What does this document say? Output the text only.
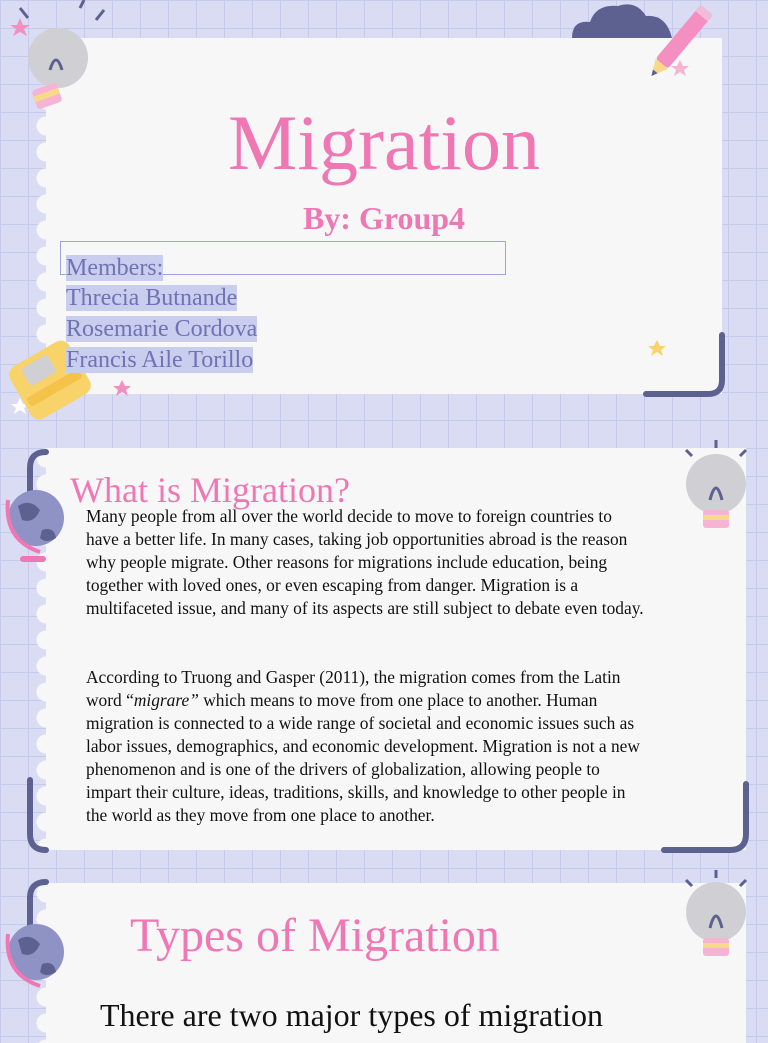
Migration
By: Group4
Members:
Threcia Butnande
Rosemarie Cordova
Francis Aile Torillo
What is Migration?

Many people from all over the world decide to move to foreign countries to have a better life. In many cases, taking job opportunities abroad is the reason why people migrate. Other reasons for migrations include education, being together with loved ones, or even escaping from danger. Migration is a multifaceted issue, and many of its aspects are still subject to debate even today.

According to Truong and Gasper (2011), the migration comes from the Latin word “migrare” which means to move from one place to another. Human migration is connected to a wide range of societal and economic issues such as labor issues, demographics, and economic development. Migration is not a new phenomenon and is one of the drivers of globalization, allowing people to impart their culture, ideas, traditions, skills, and knowledge to other people in the world as they move from one place to another.

Types of Migration

There are two major types of migration
